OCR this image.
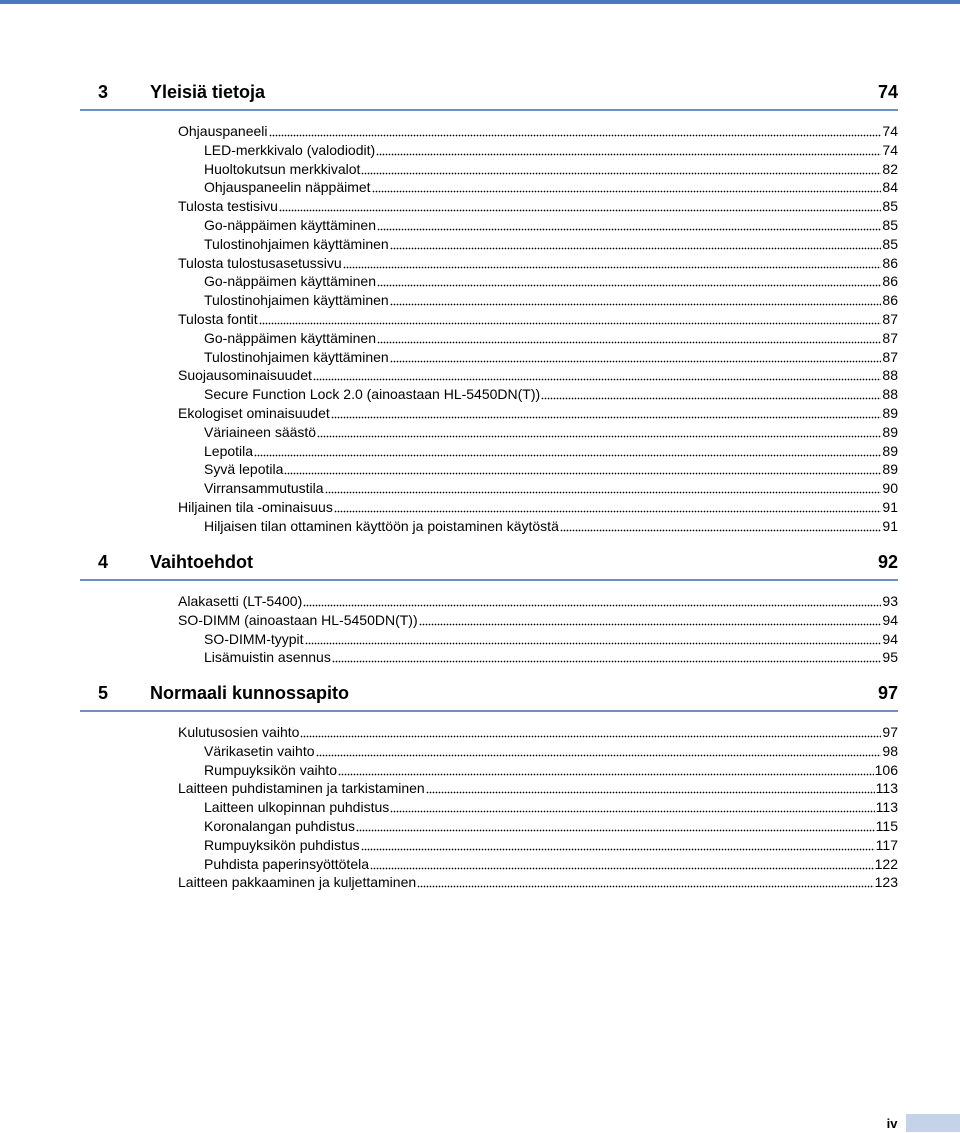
3	Yleisiä tietoja	74
Ohjauspaneeli	74
LED-merkkivalo (valodiodit)	74
Huoltokutsun merkkivalot	82
Ohjauspaneelin näppäimet	84
Tulosta testisivu	85
Go-näppäimen käyttäminen	85
Tulostinohjaimen käyttäminen	85
Tulosta tulostusasetussivu	86
Go-näppäimen käyttäminen	86
Tulostinohjaimen käyttäminen	86
Tulosta fontit	87
Go-näppäimen käyttäminen	87
Tulostinohjaimen käyttäminen	87
Suojausominaisuudet	88
Secure Function Lock 2.0 (ainoastaan HL-5450DN(T))	88
Ekologiset ominaisuudet	89
Väriaineen säästö	89
Lepotila	89
Syvä lepotila	89
Virransammutustila	90
Hiljainen tila -ominaisuus	91
Hiljaisen tilan ottaminen käyttöön ja poistaminen käytöstä	91
4	Vaihtoehdot	92
Alakasetti (LT-5400)	93
SO-DIMM (ainoastaan HL-5450DN(T))	94
SO-DIMM-tyypit	94
Lisämuistin asennus	95
5	Normaali kunnossapito	97
Kulutusosien vaihto	97
Värikasetin vaihto	98
Rumpuyksikön vaihto	106
Laitteen puhdistaminen ja tarkistaminen	113
Laitteen ulkopinnan puhdistus	113
Koronalangan puhdistus	115
Rumpuyksikön puhdistus	117
Puhdista paperinsyöttötela	122
Laitteen pakkaaminen ja kuljettaminen	123
iv
